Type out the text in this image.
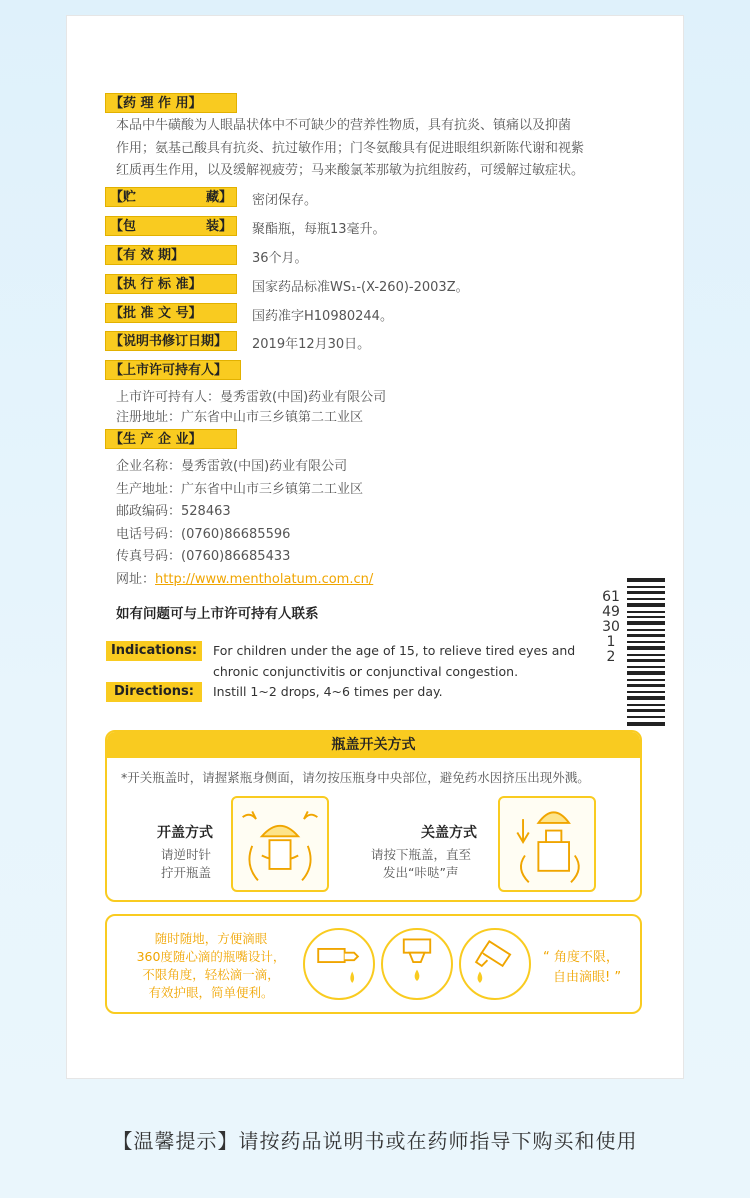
【药 理 作 用】
本品中牛磺酸为人眼晶状体中不可缺少的营养性物质，具有抗炎、镇痛以及抑菌
作用；氨基己酸具有抗炎、抗过敏作用；门冬氨酸具有促进眼组织新陈代谢和视紫
红质再生作用，以及缓解视疲劳；马来酸氯苯那敏为抗组胺药，可缓解过敏症状。
【贮	藏】 密闭保存。
【包	装】 聚酯瓶，每瓶13毫升。
【有 效 期】	36个月。
【执 行 标 准】	国家药品标准WS₁-(X-260)-2003Z。
【批 准 文 号】	国药准字H10980244。
【说明书修订日期】	2019年12月30日。
【上市许可持有人】
上市许可持有人：曼秀雷敦(中国)药业有限公司
注册地址：广东省中山市三乡镇第二工业区
【生 产 企 业】
企业名称：曼秀雷敦(中国)药业有限公司
生产地址：广东省中山市三乡镇第二工业区
邮政编码：528463
电话号码：(0760)86685596
传真号码：(0760)86685433
网址：http://www.mentholatum.com.cn/
如有问题可与上市许可持有人联系
6149301 2
Indications:	For children under the age of 15, to relieve tired eyes and
chronic conjunctivitis or conjunctival congestion.
Directions:	Instill 1~2 drops, 4~6 times per day.
瓶盖开关方式
*开关瓶盖时，请握紧瓶身侧面，请勿按压瓶身中央部位，避免药水因挤压出现外溅。
开盖方式
请逆时针
拧开瓶盖
关盖方式
请按下瓶盖，直至
发出“咔哒”声
随时随地，方便滴眼
360度随心滴的瓶嘴设计，
不限角度，轻松滴一滴，
有效护眼，简单便利。
“ 角度不限，
自由滴眼! ”
【温馨提示】请按药品说明书或在药师指导下购买和使用
